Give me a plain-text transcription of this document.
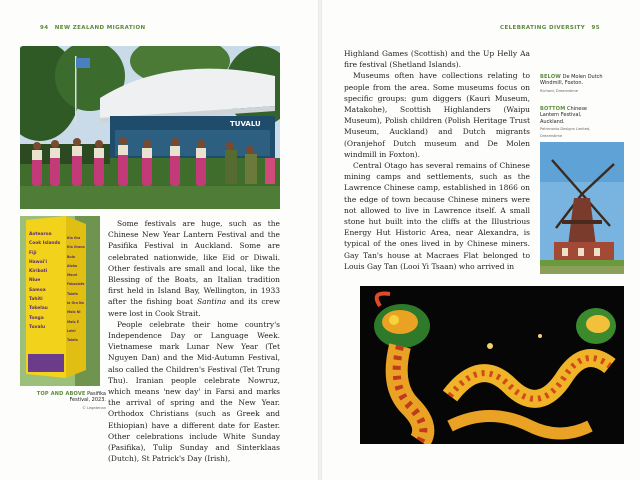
94 NEW ZEALAND MIGRATION
TUVALU
Aotearoa
Cook Islands
Fiji
Hawai'i
Kiribati
Niue
Samoa
Tahiti
Tokelau
Tonga
Tuvalu
Kia Ora
Kia Orana
Bula
Aloha
Mauri
Fakaalofa
Talofa
Ia Ora Na
Malo Ni
Malo E Lelei
Talofa
TOP AND ABOVE Pasifika Festival, 2023.
© Legatenan

Some festivals are huge, such as the Chinese New Year Lantern Festival and the Pasifika Festival in Auckland. Some are celebrated nationwide, like Eid or Diwali. Other festivals are small and local, like the Blessing of the Boats, an Italian tradition first held in Island Bay, Wellington, in 1933 after the fishing boat Santina and its crew were lost in Cook Strait.

People celebrate their home country's Independence Day or Language Week. Vietnamese mark Lunar New Year (Tet Nguyen Dan) and the Mid-Autumn Festival, also called the Children's Festival (Tet Trung Thu). Iranian people celebrate Nowruz, which means 'new day' in Farsi and marks the arrival of spring and the New Year. Orthodox Christians (such as Greek and Ethiopian) have a different date for Easter. Other celebrations include White Sunday (Pasifika), Tulip Sunday and Sinterklaas (Dutch), St Patrick's Day (Irish),

CELEBRATING DIVERSITY 95

Highland Games (Scottish) and the Up Helly Aa fire festival (Shetland Islands).

Museums often have collections relating to people from the area. Some museums focus on specific groups: gum diggers (Kauri Museum, Matakohe), Scottish Highlanders (Waipu Museum), Polish children (Polish Heritage Trust Museum, Auckland) and Dutch migrants (Oranjehof Dutch museum and De Molen windmill in Foxton).

Central Otago has several remains of Chinese mining camps and settlements, such as the Lawrence Chinese camp, established in 1866 on the edge of town because Chinese miners were not allowed to live in Lawrence itself. A small stone hut built into the cliffs at the Illustrious Energy Hut Historic Area, near Alexandra, is typical of the ones lived in by Chinese miners. Gay Tan's house at Macraes Flat belonged to Louis Gay Tan (Looi Yi Tsaan) who arrived in

BELOW De Molen Dutch Windmill, Foxton.
Richard, Dreamstime
BOTTOM Chinese Lantern Festival, Auckland.
Patrimonio Designs Limited, Dreamstime
